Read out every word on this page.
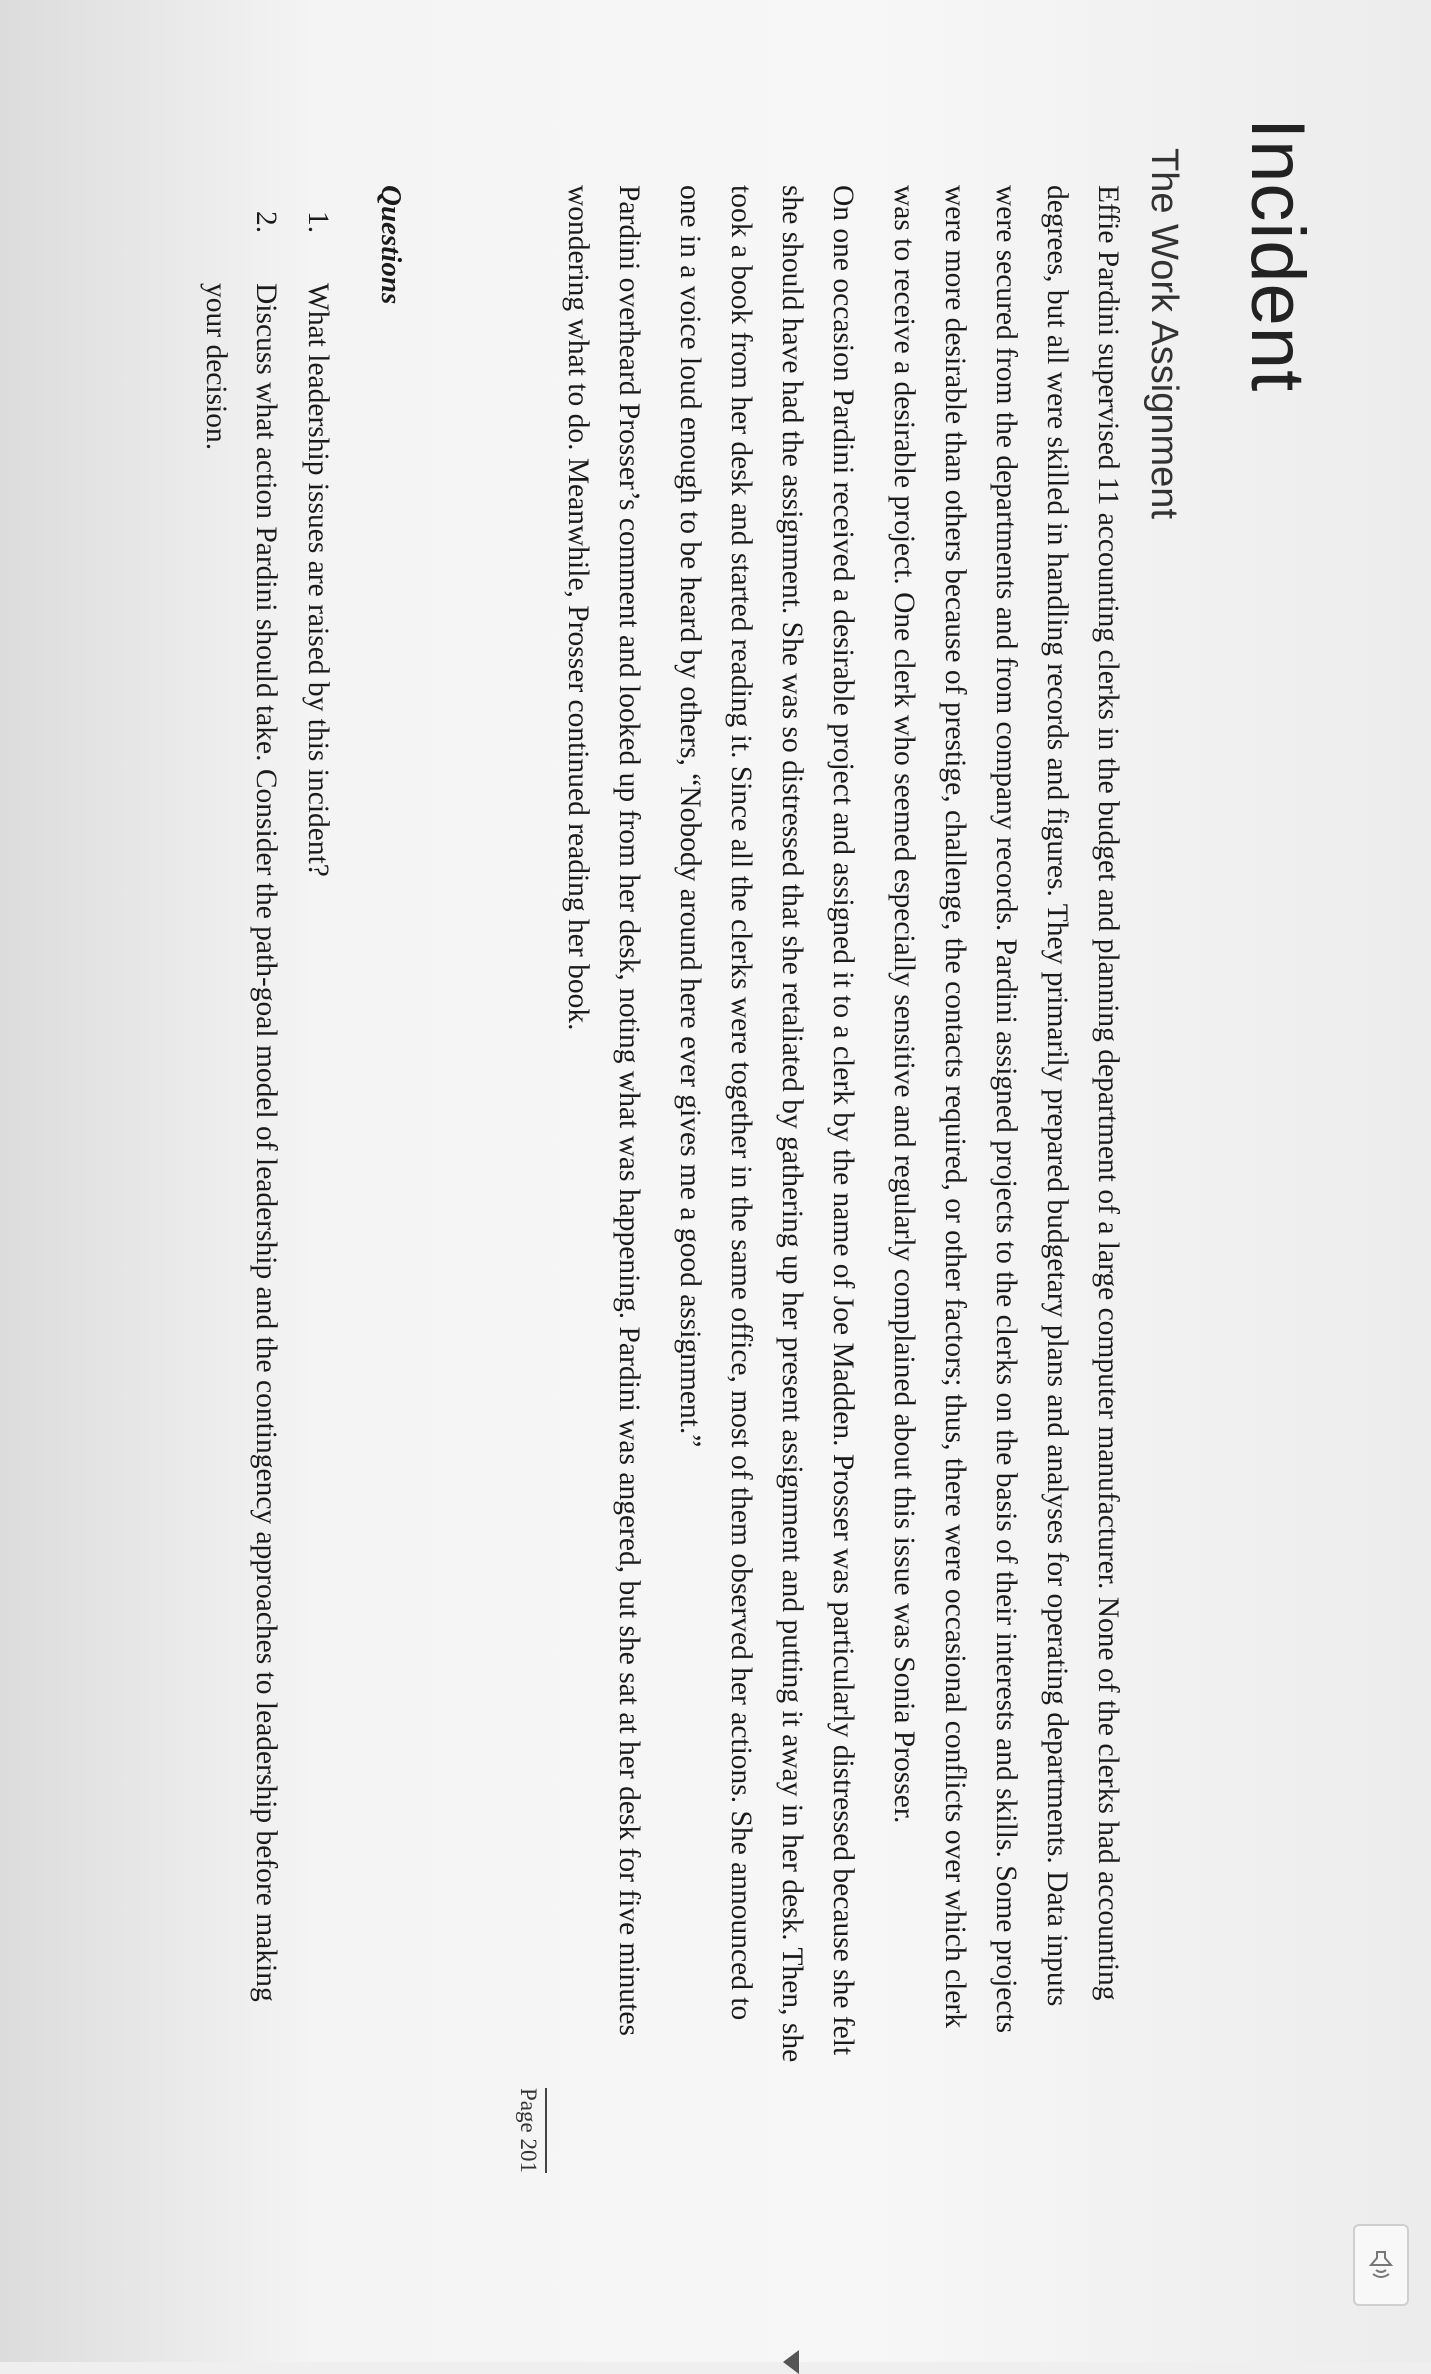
Incident
The Work Assignment

Effie Pardini supervised 11 accounting clerks in the budget and planning department of a large computer manufacturer. None of the clerks had accounting degrees, but all were skilled in handling records and figures. They primarily prepared budgetary plans and analyses for operating departments. Data inputs were secured from the departments and from company records. Pardini assigned projects to the clerks on the basis of their interests and skills. Some projects were more desirable than others because of prestige, challenge, the contacts required, or other factors; thus, there were occasional conflicts over which clerk was to receive a desirable project. One clerk who seemed especially sensitive and regularly complained about this issue was Sonia Prosser.

On one occasion Pardini received a desirable project and assigned it to a clerk by the name of Joe Madden. Prosser was particularly distressed because she felt she should have had the assignment. She was so distressed that she retaliated by gathering up her present assignment and putting it away in her desk. Then, she took a book from her desk and started reading it. Since all the clerks were together in the same office, most of them observed her actions. She announced to one in a voice loud enough to be heard by others, “Nobody around here ever gives me a good assignment.”

Pardini overheard Prosser’s comment and looked up from her desk, noting what was happening. Pardini was angered, but she sat at her desk for five minutes wondering what to do. Meanwhile, Prosser continued reading her book.

Page 201
Questions
1.
What leadership issues are raised by this incident?
2.
Discuss what action Pardini should take. Consider the path-goal model of leadership and the contingency approaches to leadership before making your decision.
